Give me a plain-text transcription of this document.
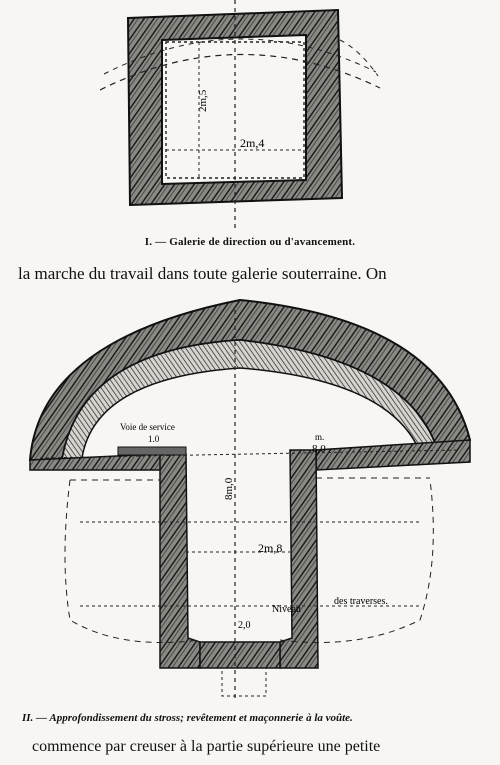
2m,5
2m,4
I. — Galerie de direction ou d'avancement.
la marche du travail dans toute galerie souterraine. On
Voie de service
1.0	m.
8,0
8m,0
2m,8
2,0
Niveau
des traverses.
II. — Approfondissement du stross; revêtement et maçonnerie à la voûte.
commence par creuser à la partie supérieure une petite
